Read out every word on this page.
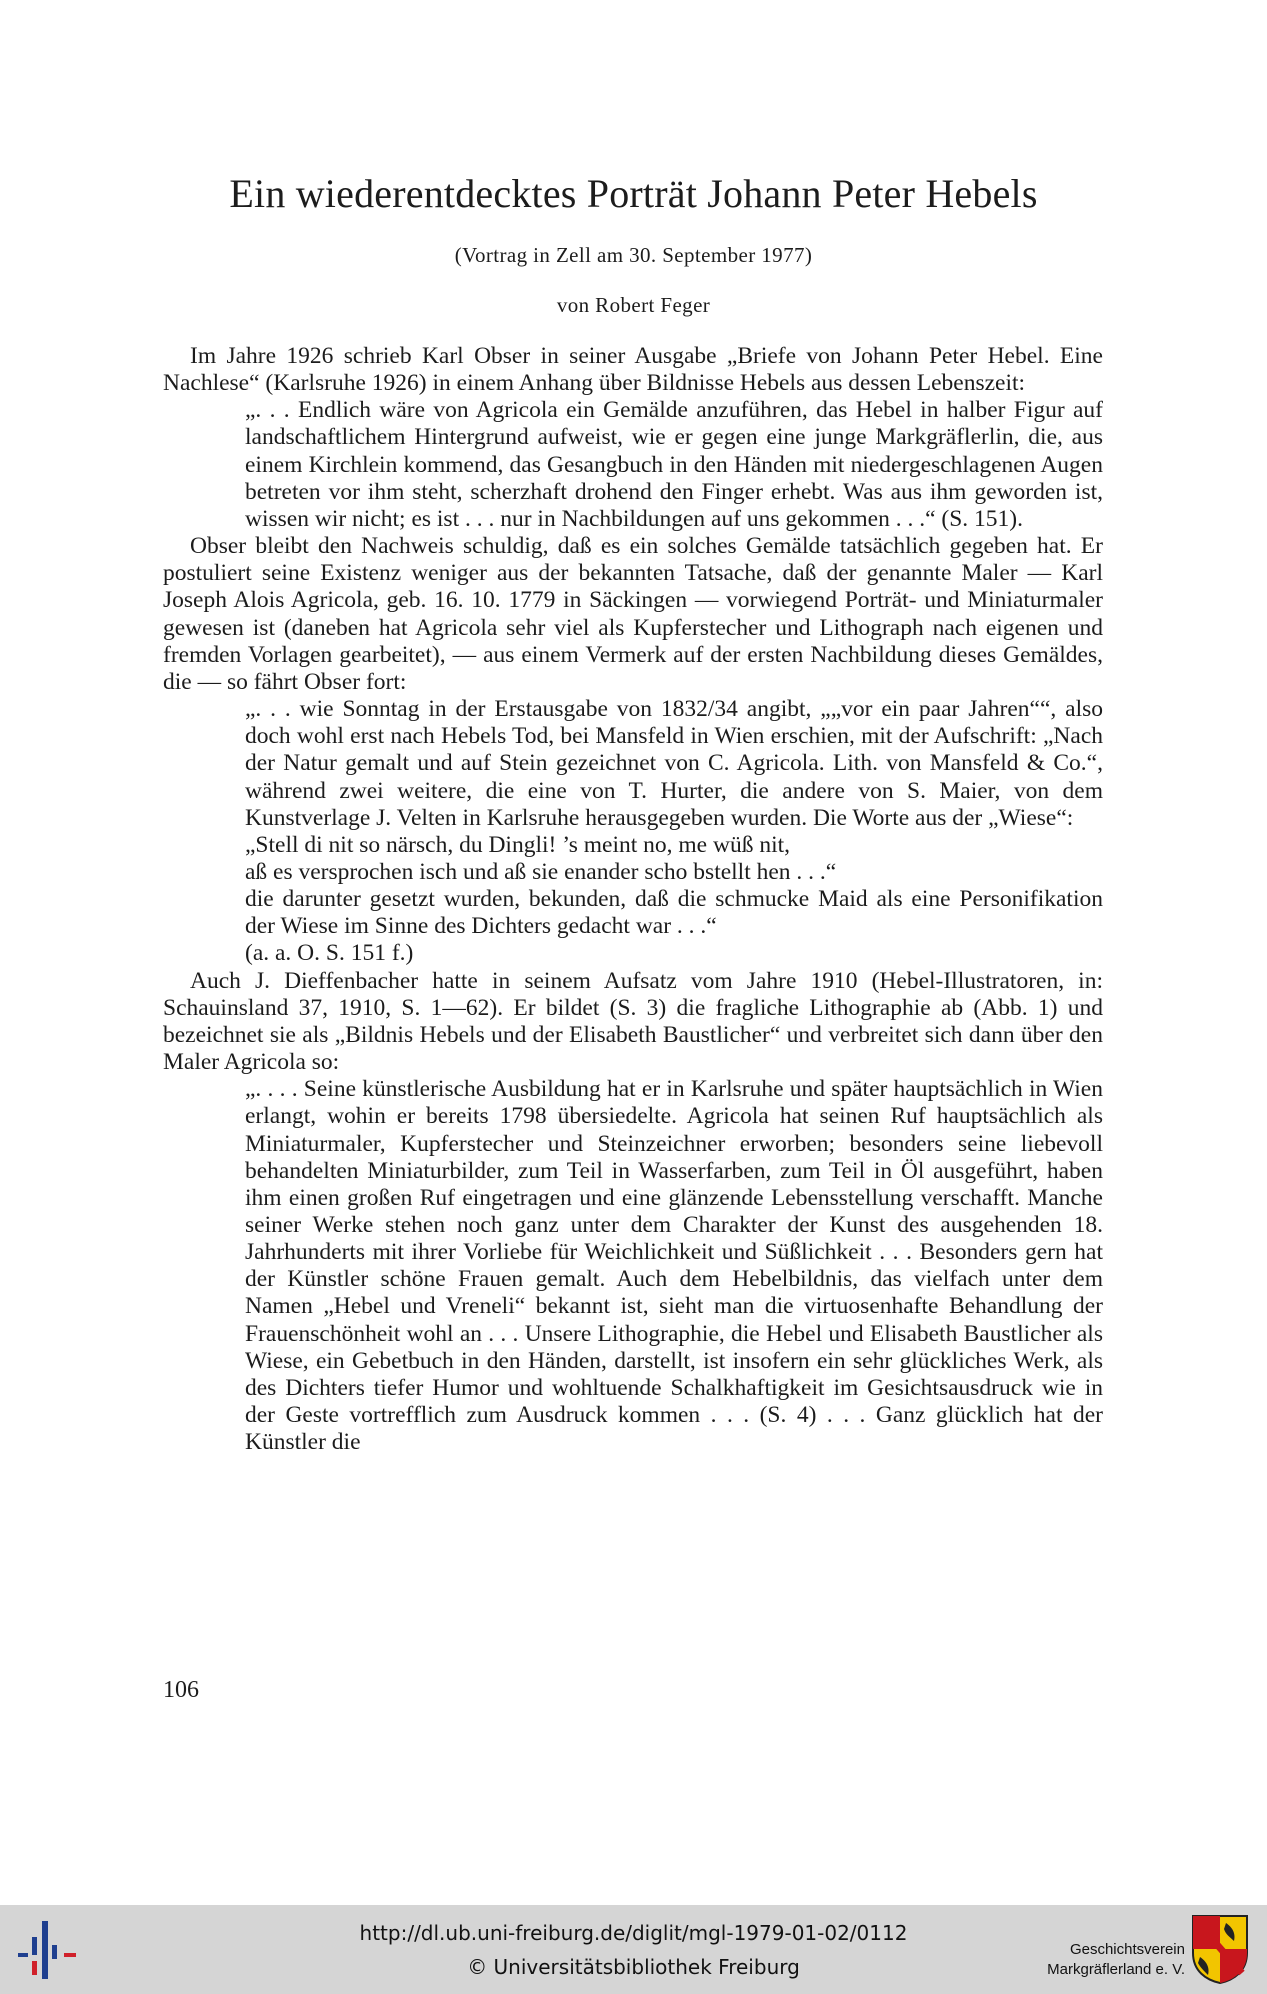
Ein wiederentdecktes Porträt Johann Peter Hebels
(Vortrag in Zell am 30. September 1977)
von Robert Feger

Im Jahre 1926 schrieb Karl Obser in seiner Ausgabe „Briefe von Johann Peter Hebel. Eine Nachlese“ (Karlsruhe 1926) in einem Anhang über Bildnisse Hebels aus dessen Lebenszeit:

„. . . Endlich wäre von Agricola ein Gemälde anzuführen, das Hebel in halber Figur auf landschaftlichem Hintergrund aufweist, wie er gegen eine junge Markgräflerlin, die, aus einem Kirchlein kommend, das Gesangbuch in den Händen mit niedergeschlagenen Augen betreten vor ihm steht, scherzhaft drohend den Finger erhebt. Was aus ihm geworden ist, wissen wir nicht; es ist . . . nur in Nachbildungen auf uns gekommen . . .“ (S. 151).

Obser bleibt den Nachweis schuldig, daß es ein solches Gemälde tatsächlich gegeben hat. Er postuliert seine Existenz weniger aus der bekannten Tatsache, daß der genannte Maler — Karl Joseph Alois Agricola, geb. 16. 10. 1779 in Säckingen — vorwiegend Porträt- und Miniaturmaler gewesen ist (daneben hat Agricola sehr viel als Kupferstecher und Lithograph nach eigenen und fremden Vorlagen gearbeitet), — aus einem Vermerk auf der ersten Nachbildung dieses Gemäldes, die — so fährt Obser fort:

„. . . wie Sonntag in der Erstausgabe von 1832/34 angibt, „„vor ein paar Jahren““, also doch wohl erst nach Hebels Tod, bei Mansfeld in Wien erschien, mit der Aufschrift: „Nach der Natur gemalt und auf Stein gezeichnet von C. Agricola. Lith. von Mansfeld & Co.“, während zwei weitere, die eine von T. Hurter, die andere von S. Maier, von dem Kunstverlage J. Velten in Karlsruhe herausgegeben wurden. Die Worte aus der „Wiese“:

„Stell di nit so närsch, du Dingli! ’s meint no, me wüß nit,

aß es versprochen isch und aß sie enander scho bstellt hen . . .“

die darunter gesetzt wurden, bekunden, daß die schmucke Maid als eine Personifikation der Wiese im Sinne des Dichters gedacht war . . .“

(a. a. O. S. 151 f.)

Auch J. Dieffenbacher hatte in seinem Aufsatz vom Jahre 1910 (Hebel-Illustratoren, in: Schauinsland 37, 1910, S. 1—62). Er bildet (S. 3) die fragliche Lithographie ab (Abb. 1) und bezeichnet sie als „Bildnis Hebels und der Elisabeth Baustlicher“ und verbreitet sich dann über den Maler Agricola so:

„. . . . Seine künstlerische Ausbildung hat er in Karlsruhe und später hauptsächlich in Wien erlangt, wohin er bereits 1798 übersiedelte. Agricola hat seinen Ruf hauptsächlich als Miniaturmaler, Kupferstecher und Steinzeichner erworben; besonders seine liebevoll behandelten Miniaturbilder, zum Teil in Wasserfarben, zum Teil in Öl ausgeführt, haben ihm einen großen Ruf eingetragen und eine glänzende Lebensstellung verschafft. Manche seiner Werke stehen noch ganz unter dem Charakter der Kunst des ausgehenden 18. Jahrhunderts mit ihrer Vorliebe für Weichlichkeit und Süßlichkeit . . . Besonders gern hat der Künstler schöne Frauen gemalt. Auch dem Hebelbildnis, das vielfach unter dem Namen „Hebel und Vreneli“ bekannt ist, sieht man die virtuosenhafte Behandlung der Frauenschönheit wohl an . . . Unsere Lithographie, die Hebel und Elisabeth Baustlicher als Wiese, ein Gebetbuch in den Händen, darstellt, ist insofern ein sehr glückliches Werk, als des Dichters tiefer Humor und wohltuende Schalkhaftigkeit im Gesichtsausdruck wie in der Geste vortrefflich zum Ausdruck kommen . . . (S. 4) . . . Ganz glücklich hat der Künstler die

106
http://dl.ub.uni-freiburg.de/diglit/mgl-1979-01-02/0112
© Universitätsbibliothek Freiburg
Geschichtsverein
Markgräflerland e. V.
